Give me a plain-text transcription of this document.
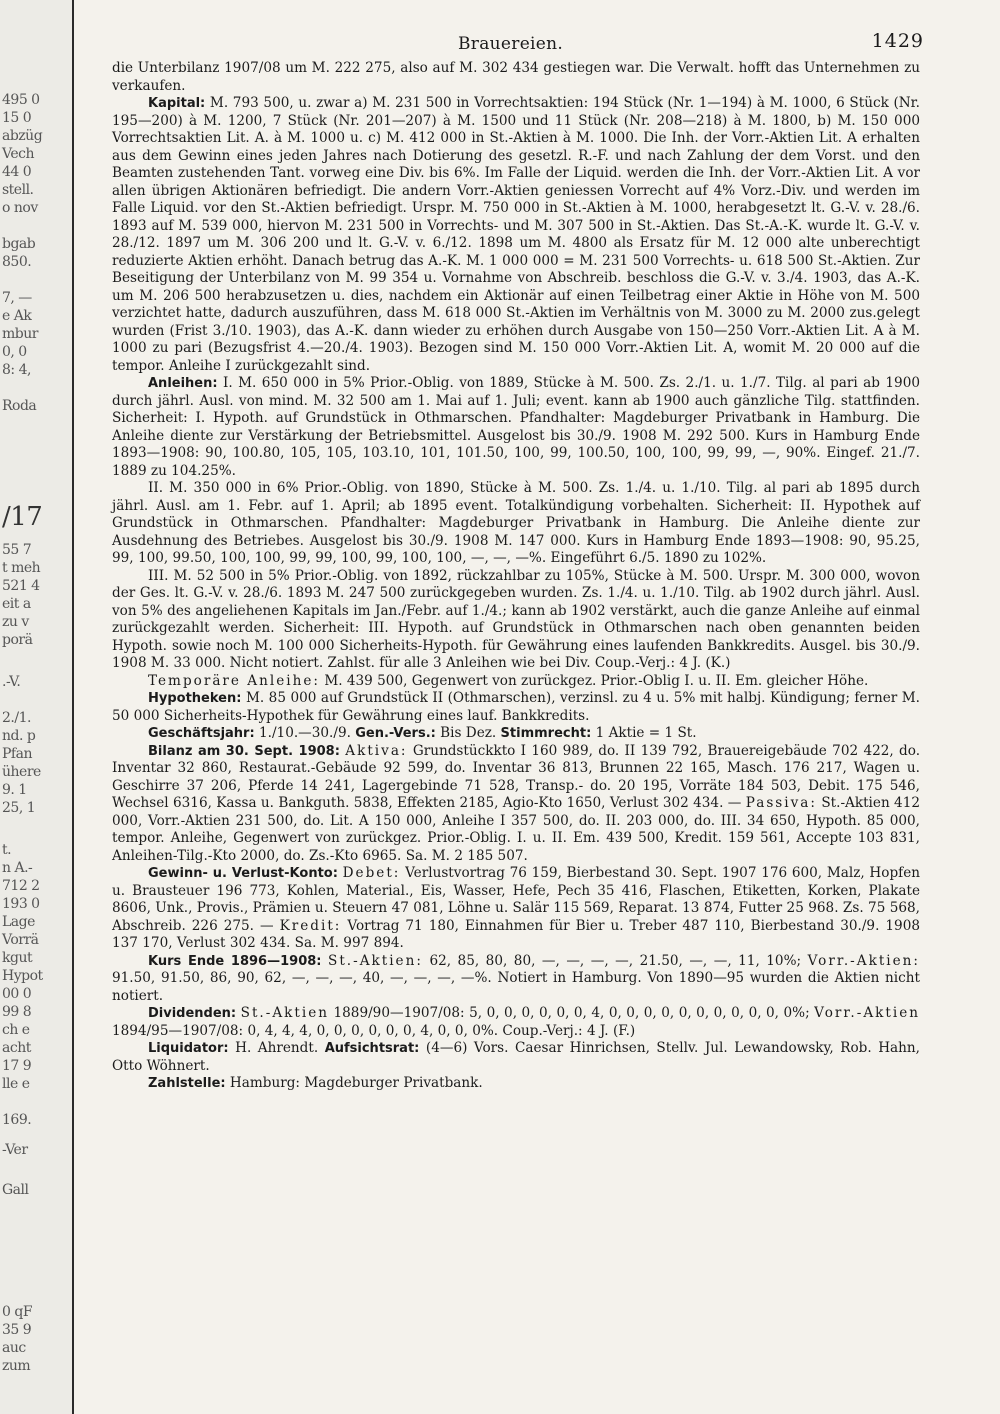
495 0
15 0
abzüg
Vech
44 0
stell.
o nov
bgab
850.
7, —
e Ak
mbur
0, 0
8: 4,
Roda
/17
55 7
t meh
521 4
eit a
zu v
porä
.-V.
2./1.
nd. p
Pfan
ühere
9. 1
25, 1
t.
n A.-
712 2
193 0
Lage
Vorrä
kgut
Hypot
00 0
99 8
ch e
acht
17 9
lle e
169.
-Ver
Gall
0 qF
35 9
auc
zum
Brauereien.	1429

die Unterbilanz 1907/08 um M. 222 275, also auf M. 302 434 gestiegen war. Die Verwalt. hofft das Unternehmen zu verkaufen.

Kapital: M. 793 500, u. zwar a) M. 231 500 in Vorrechtsaktien: 194 Stück (Nr. 1—194) à M. 1000, 6 Stück (Nr. 195—200) à M. 1200, 7 Stück (Nr. 201—207) à M. 1500 und 11 Stück (Nr. 208—218) à M. 1800, b) M. 150 000 Vorrechtsaktien Lit. A. à M. 1000 u. c) M. 412 000 in St.-Aktien à M. 1000. Die Inh. der Vorr.-Aktien Lit. A erhalten aus dem Gewinn eines jeden Jahres nach Dotierung des gesetzl. R.-F. und nach Zahlung der dem Vorst. und den Beamten zustehenden Tant. vorweg eine Div. bis 6%. Im Falle der Liquid. werden die Inh. der Vorr.-Aktien Lit. A vor allen übrigen Aktionären befriedigt. Die andern Vorr.-Aktien geniessen Vorrecht auf 4% Vorz.-Div. und werden im Falle Liquid. vor den St.-Aktien befriedigt. Urspr. M. 750 000 in St.-Aktien à M. 1000, herabgesetzt lt. G.-V. v. 28./6. 1893 auf M. 539 000, hiervon M. 231 500 in Vorrechts- und M. 307 500 in St.-Aktien. Das St.-A.-K. wurde lt. G.-V. v. 28./12. 1897 um M. 306 200 und lt. G.-V. v. 6./12. 1898 um M. 4800 als Ersatz für M. 12 000 alte unberechtigt reduzierte Aktien erhöht. Danach betrug das A.-K. M. 1 000 000 = M. 231 500 Vorrechts- u. 618 500 St.-Aktien. Zur Beseitigung der Unterbilanz von M. 99 354 u. Vornahme von Abschreib. beschloss die G.-V. v. 3./4. 1903, das A.-K. um M. 206 500 herabzusetzen u. dies, nachdem ein Aktionär auf einen Teilbetrag einer Aktie in Höhe von M. 500 verzichtet hatte, dadurch auszuführen, dass M. 618 000 St.-Aktien im Verhältnis von M. 3000 zu M. 2000 zus.gelegt wurden (Frist 3./10. 1903), das A.-K. dann wieder zu erhöhen durch Ausgabe von 150—250 Vorr.-Aktien Lit. A à M. 1000 zu pari (Bezugsfrist 4.—20./4. 1903). Bezogen sind M. 150 000 Vorr.-Aktien Lit. A, womit M. 20 000 auf die tempor. Anleihe I zurückgezahlt sind.

Anleihen: I. M. 650 000 in 5% Prior.-Oblig. von 1889, Stücke à M. 500. Zs. 2./1. u. 1./7. Tilg. al pari ab 1900 durch jährl. Ausl. von mind. M. 32 500 am 1. Mai auf 1. Juli; event. kann ab 1900 auch gänzliche Tilg. stattfinden. Sicherheit: I. Hypoth. auf Grundstück in Othmarschen. Pfandhalter: Magdeburger Privatbank in Hamburg. Die Anleihe diente zur Verstärkung der Betriebsmittel. Ausgelost bis 30./9. 1908 M. 292 500. Kurs in Hamburg Ende 1893—1908: 90, 100.80, 105, 105, 103.10, 101, 101.50, 100, 99, 100.50, 100, 100, 99, 99, —, 90%. Eingef. 21./7. 1889 zu 104.25%.

II. M. 350 000 in 6% Prior.-Oblig. von 1890, Stücke à M. 500. Zs. 1./4. u. 1./10. Tilg. al pari ab 1895 durch jährl. Ausl. am 1. Febr. auf 1. April; ab 1895 event. Totalkündigung vorbehalten. Sicherheit: II. Hypothek auf Grundstück in Othmarschen. Pfandhalter: Magdeburger Privatbank in Hamburg. Die Anleihe diente zur Ausdehnung des Betriebes. Ausgelost bis 30./9. 1908 M. 147 000. Kurs in Hamburg Ende 1893—1908: 90, 95.25, 99, 100, 99.50, 100, 100, 99, 99, 100, 99, 100, 100, —, —, —%. Eingeführt 6./5. 1890 zu 102%.

III. M. 52 500 in 5% Prior.-Oblig. von 1892, rückzahlbar zu 105%, Stücke à M. 500. Urspr. M. 300 000, wovon der Ges. lt. G.-V. v. 28./6. 1893 M. 247 500 zurückgegeben wurden. Zs. 1./4. u. 1./10. Tilg. ab 1902 durch jährl. Ausl. von 5% des angeliehenen Kapitals im Jan./Febr. auf 1./4.; kann ab 1902 verstärkt, auch die ganze Anleihe auf einmal zurückgezahlt werden. Sicherheit: III. Hypoth. auf Grundstück in Othmarschen nach oben genannten beiden Hypoth. sowie noch M. 100 000 Sicherheits-Hypoth. für Gewährung eines laufenden Bankkredits. Ausgel. bis 30./9. 1908 M. 33 000. Nicht notiert. Zahlst. für alle 3 Anleihen wie bei Div. Coup.-Verj.: 4 J. (K.)

Temporäre Anleihe: M. 439 500, Gegenwert von zurückgez. Prior.-Oblig I. u. II. Em. gleicher Höhe.

Hypotheken: M. 85 000 auf Grundstück II (Othmarschen), verzinsl. zu 4 u. 5% mit halbj. Kündigung; ferner M. 50 000 Sicherheits-Hypothek für Gewährung eines lauf. Bankkredits.

Geschäftsjahr: 1./10.—30./9. Gen.-Vers.: Bis Dez. Stimmrecht: 1 Aktie = 1 St.

Bilanz am 30. Sept. 1908: Aktiva: Grundstückkto I 160 989, do. II 139 792, Brauereigebäude 702 422, do. Inventar 32 860, Restaurat.-Gebäude 92 599, do. Inventar 36 813, Brunnen 22 165, Masch. 176 217, Wagen u. Geschirre 37 206, Pferde 14 241, Lagergebinde 71 528, Transp.- do. 20 195, Vorräte 184 503, Debit. 175 546, Wechsel 6316, Kassa u. Bankguth. 5838, Effekten 2185, Agio-Kto 1650, Verlust 302 434. — Passiva: St.-Aktien 412 000, Vorr.-Aktien 231 500, do. Lit. A 150 000, Anleihe I 357 500, do. II. 203 000, do. III. 34 650, Hypoth. 85 000, tempor. Anleihe, Gegenwert von zurückgez. Prior.-Oblig. I. u. II. Em. 439 500, Kredit. 159 561, Accepte 103 831, Anleihen-Tilg.-Kto 2000, do. Zs.-Kto 6965. Sa. M. 2 185 507.

Gewinn- u. Verlust-Konto: Debet: Verlustvortrag 76 159, Bierbestand 30. Sept. 1907 176 600, Malz, Hopfen u. Brausteuer 196 773, Kohlen, Material., Eis, Wasser, Hefe, Pech 35 416, Flaschen, Etiketten, Korken, Plakate 8606, Unk., Provis., Prämien u. Steuern 47 081, Löhne u. Salär 115 569, Reparat. 13 874, Futter 25 968. Zs. 75 568, Abschreib. 226 275. — Kredit: Vortrag 71 180, Einnahmen für Bier u. Treber 487 110, Bierbestand 30./9. 1908 137 170, Verlust 302 434. Sa. M. 997 894.

Kurs Ende 1896—1908: St.-Aktien: 62, 85, 80, 80, —, —, —, —, 21.50, —, —, 11, 10%; Vorr.-Aktien: 91.50, 91.50, 86, 90, 62, —, —, —, 40, —, —, —, —%. Notiert in Hamburg. Von 1890—95 wurden die Aktien nicht notiert.

Dividenden: St.-Aktien 1889/90—1907/08: 5, 0, 0, 0, 0, 0, 0, 4, 0, 0, 0, 0, 0, 0, 0, 0, 0, 0, 0%; Vorr.-Aktien 1894/95—1907/08: 0, 4, 4, 4, 0, 0, 0, 0, 0, 0, 4, 0, 0, 0%. Coup.-Verj.: 4 J. (F.)

Liquidator: H. Ahrendt. Aufsichtsrat: (4—6) Vors. Caesar Hinrichsen, Stellv. Jul. Lewandowsky, Rob. Hahn, Otto Wöhnert.

Zahlstelle: Hamburg: Magdeburger Privatbank.
